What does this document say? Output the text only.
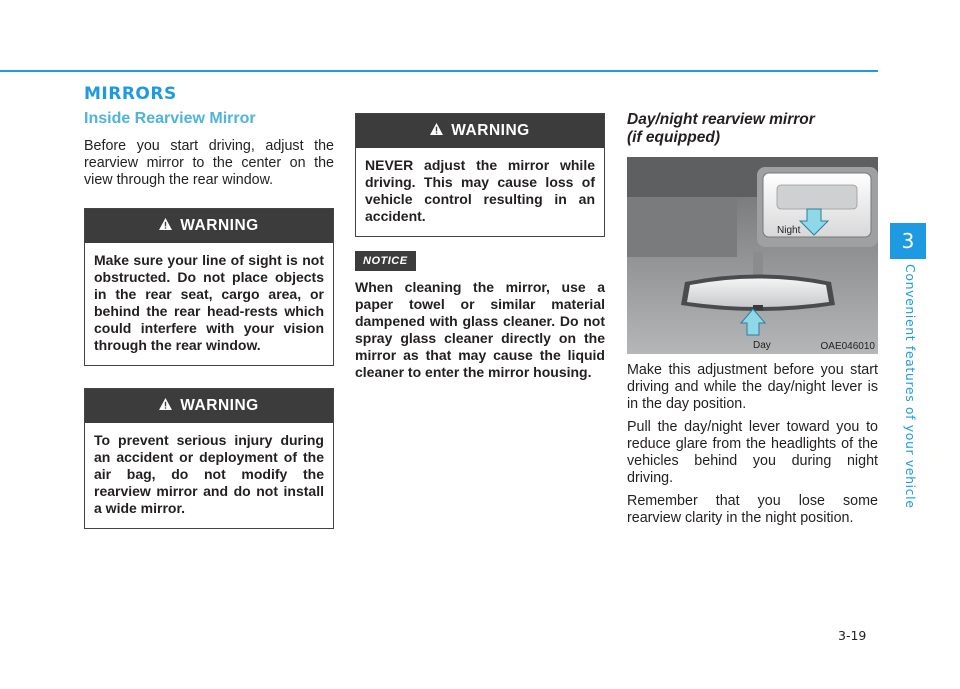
MIRRORS
Inside Rearview Mirror

Before you start driving, adjust the rearview mirror to the center on the view through the rear window.

WARNING
Make sure your line of sight is not obstructed. Do not place objects in the rear seat, cargo area, or behind the rear head-rests which could interfere with your vision through the rear window.
WARNING
To prevent serious injury during an accident or deployment of the air bag, do not modify the rearview mirror and do not install a wide mirror.
WARNING
NEVER adjust the mirror while driving. This may cause loss of vehicle control resulting in an accident.
NOTICE
When cleaning the mirror, use a paper towel or similar material dampened with glass cleaner. Do not spray glass cleaner directly on the mirror as that may cause the liquid cleaner to enter the mirror housing.
Day/night rearview mirror
(if equipped)
Night
Day	OAE046010

Make this adjustment before you start driving and while the day/night lever is in the day position.

Pull the day/night lever toward you to reduce glare from the headlights of the vehicles behind you during night driving.

Remember that you lose some rearview clarity in the night position.

3
Convenient features of your vehicle
3-19
